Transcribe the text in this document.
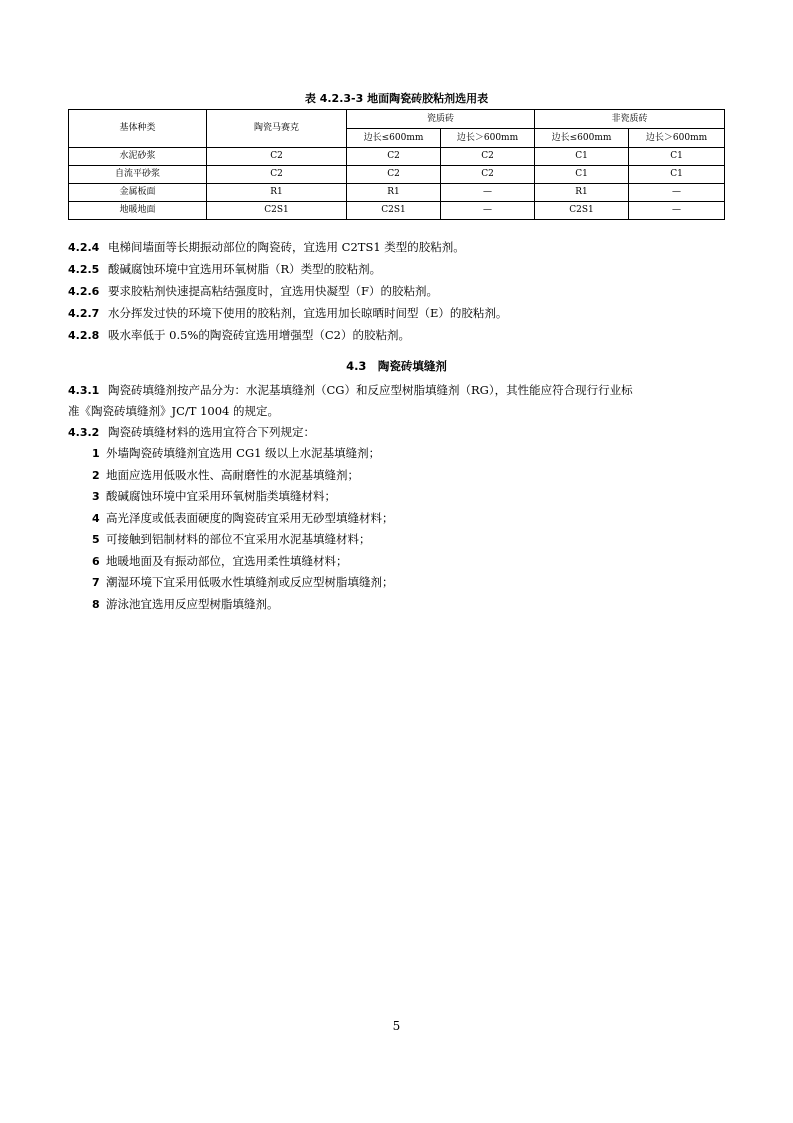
表 4.2.3-3 地面陶瓷砖胶粘剂选用表
基体种类	陶瓷马赛克	瓷质砖		非瓷质砖	
		边长≤600mm	边长＞600mm	边长≤600mm	边长＞600mm
水泥砂浆	C2	C2	C2	C1	C1
自流平砂浆	C2	C2	C2	C1	C1
金属板面	R1	R1	—	R1	—
地暖地面	C2S1	C2S1	—	C2S1	—
4.2.4 电梯间墙面等长期振动部位的陶瓷砖，宜选用 C2TS1 类型的胶粘剂。
4.2.5 酸碱腐蚀环境中宜选用环氧树脂（R）类型的胶粘剂。
4.2.6 要求胶粘剂快速提高粘结强度时，宜选用快凝型（F）的胶粘剂。
4.2.7 水分挥发过快的环境下使用的胶粘剂，宜选用加长晾晒时间型（E）的胶粘剂。
4.2.8 吸水率低于 0.5%的陶瓷砖宜选用增强型（C2）的胶粘剂。
4.3　陶瓷砖填缝剂
4.3.1 陶瓷砖填缝剂按产品分为：水泥基填缝剂（CG）和反应型树脂填缝剂（RG），其性能应符合现行行业标
准《陶瓷砖填缝剂》JC/T 1004 的规定。
4.3.2 陶瓷砖填缝材料的选用宜符合下列规定：
1 外墙陶瓷砖填缝剂宜选用 CG1 级以上水泥基填缝剂；
2 地面应选用低吸水性、高耐磨性的水泥基填缝剂；
3 酸碱腐蚀环境中宜采用环氧树脂类填缝材料；
4 高光泽度或低表面硬度的陶瓷砖宜采用无砂型填缝材料；
5 可接触到铝制材料的部位不宜采用水泥基填缝材料；
6 地暖地面及有振动部位，宜选用柔性填缝材料；
7 潮湿环境下宜采用低吸水性填缝剂或反应型树脂填缝剂；
8 游泳池宜选用反应型树脂填缝剂。
5
